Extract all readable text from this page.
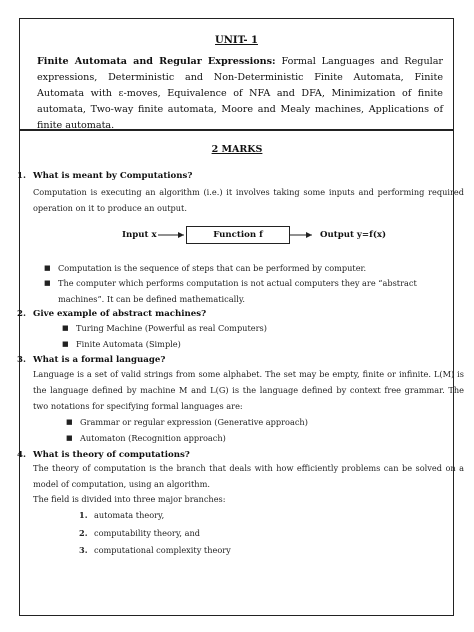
UNIT- 1
Finite Automata and Regular Expressions: Formal Languages and Regular expressions, Deterministic and Non-Deterministic Finite Automata, Finite Automata with ε-moves, Equivalence of NFA and DFA, Minimization of finite automata, Two-way finite automata, Moore and Mealy machines, Applications of finite automata.
2 MARKS
1. What is meant by Computations?
Computation is executing an algorithm (i.e.) it involves taking some inputs and performing required operation on it to produce an output.
Input x	Function f	Output y=f(x)
■ Computation is the sequence of steps that can be performed by computer.
■ The computer which performs computation is not actual computers they are “abstract machines”. It can be defined mathematically.
2. Give example of abstract machines?
■ Turing Machine (Powerful as real Computers)
■ Finite Automata (Simple)
3. What is a formal language?
Language is a set of valid strings from some alphabet. The set may be empty, finite or infinite. L(M) is the language defined by machine M and L(G) is the language defined by context free grammar. The two notations for specifying formal languages are:
■ Grammar or regular expression (Generative approach)
■ Automaton (Recognition approach)
4. What is theory of computations?
The theory of computation is the branch that deals with how efficiently problems can be solved on a model of computation, using an algorithm.
The field is divided into three major branches:
1. automata theory,
2. computability theory, and
3. computational complexity theory
